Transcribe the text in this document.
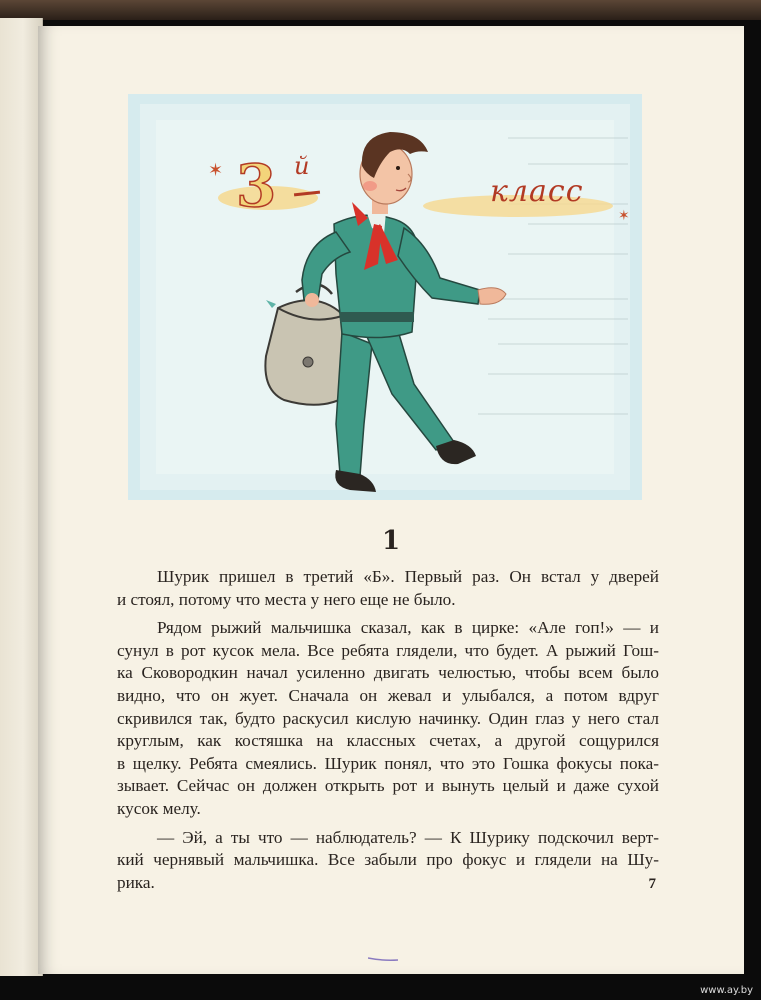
✶
✶
3 й
класс
1
Шурик пришел в третий «Б». Первый раз. Он встал у дверей
и стоял, потому что места у него еще не было.
Рядом рыжий мальчишка сказал, как в цирке: «Але гоп!» — и
сунул в рот кусок мела. Все ребята глядели, что будет. А рыжий Гош-
ка Сковородкин начал усиленно двигать челюстью, чтобы всем было
видно, что он жует. Сначала он жевал и улыбался, а потом вдруг
скривился так, будто раскусил кислую начинку. Один глаз у него стал
круглым, как костяшка на классных счетах, а другой сощурился
в щелку. Ребята смеялись. Шурик понял, что это Гошка фокусы пока-
зывает. Сейчас он должен открыть рот и вынуть целый и даже сухой
кусок мелу.
— Эй, а ты что — наблюдатель? — К Шурику подскочил верт-
кий чернявый мальчишка. Все забыли про фокус и глядели на Шу-
рика.	7
www.ay.by
